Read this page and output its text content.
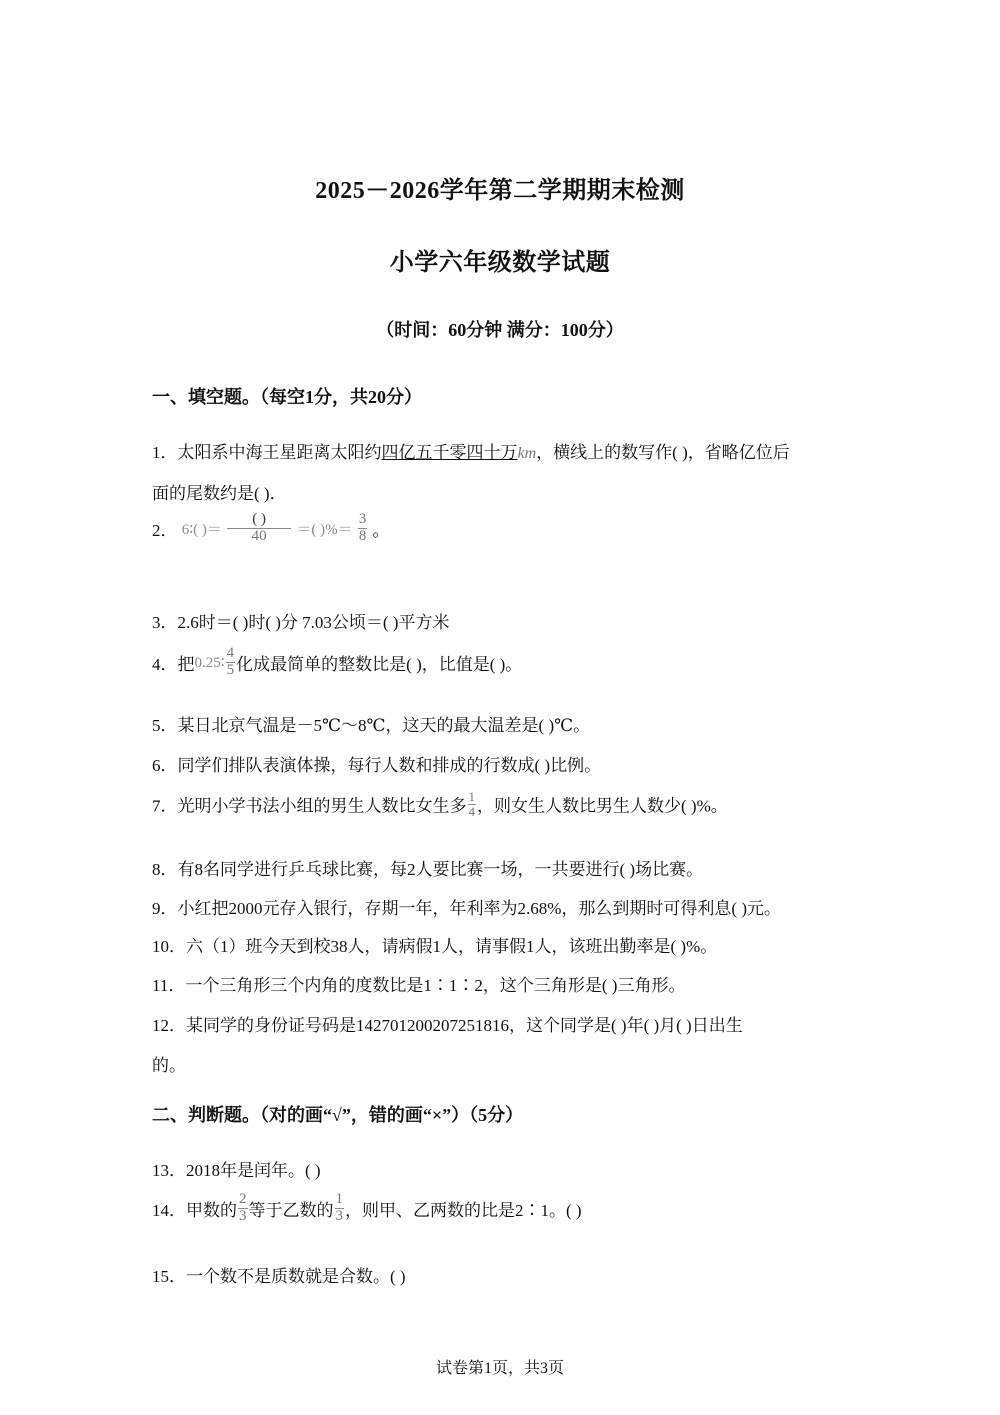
2025－2026学年第二学期期末检测
小学六年级数学试题
（时间：60分钟 满分：100分）
一、填空题。（每空1分，共20分）
1．太阳系中海王星距离太阳约四亿五千零四十万km，横线上的数写作( )，省略亿位后
面的尾数约是( )．
2． 6∶( )＝ $\frac{( )}{40}$ ＝( )%＝ $\frac{3}{8}$ 。
3．2.6时＝( )时( )分 7.03公顷＝( )平方米
4．把0.25∶ $\frac{4}{5}$ 化成最简单的整数比是( )，比值是( )。
5．某日北京气温是－5℃～8℃，这天的最大温差是( )℃。
6．同学们排队表演体操，每行人数和排成的行数成( )比例。
7．光明小学书法小组的男生人数比女生多 $\frac{1}{4}$ ，则女生人数比男生人数少( )%。
8．有8名同学进行乒乓球比赛，每2人要比赛一场，一共要进行( )场比赛。
9．小红把2000元存入银行，存期一年，年利率为2.68%，那么到期时可得利息( )元。
10．六（1）班今天到校38人，请病假1人，请事假1人，该班出勤率是( )%。
11．一个三角形三个内角的度数比是1∶1∶2，这个三角形是( )三角形。
12．某同学的身份证号码是142701200207251816，这个同学是( )年( )月( )日出生
的。
二、判断题。（对的画“√”，错的画“×”）（5分）
13．2018年是闰年。( )
14．甲数的 $\frac{2}{3}$ 等于乙数的 $\frac{1}{3}$ ，则甲、乙两数的比是2∶1。( )
15．一个数不是质数就是合数。( )
试卷第1页，共3页
